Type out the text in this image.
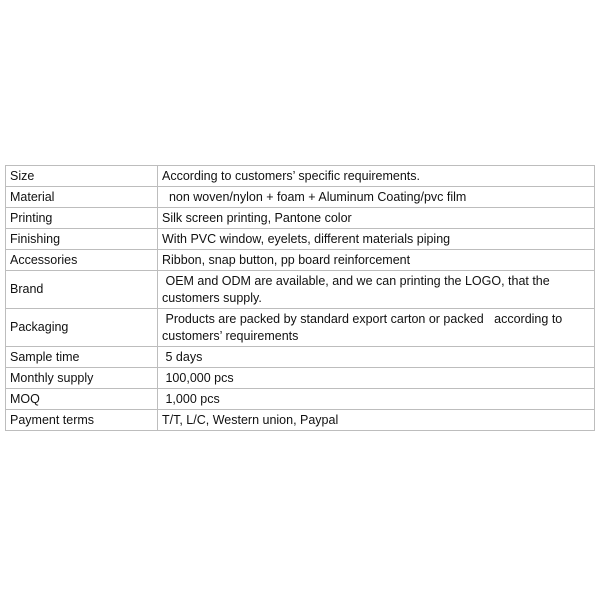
Size	According to customers’ specific requirements.
Material	non woven/nylon + foam + Aluminum Coating/pvc film
Printing	Silk screen printing, Pantone color
Finishing	With PVC window, eyelets, different materials piping
Accessories	Ribbon, snap button, pp board reinforcement
Brand	OEM and ODM are available, and we can printing the LOGO, that the customers supply.
Packaging	Products are packed by standard export carton or packed   according to customers’ requirements
Sample time	5 days
Monthly supply	100,000 pcs
MOQ	1,000 pcs
Payment terms	T/T, L/C, Western union, Paypal
